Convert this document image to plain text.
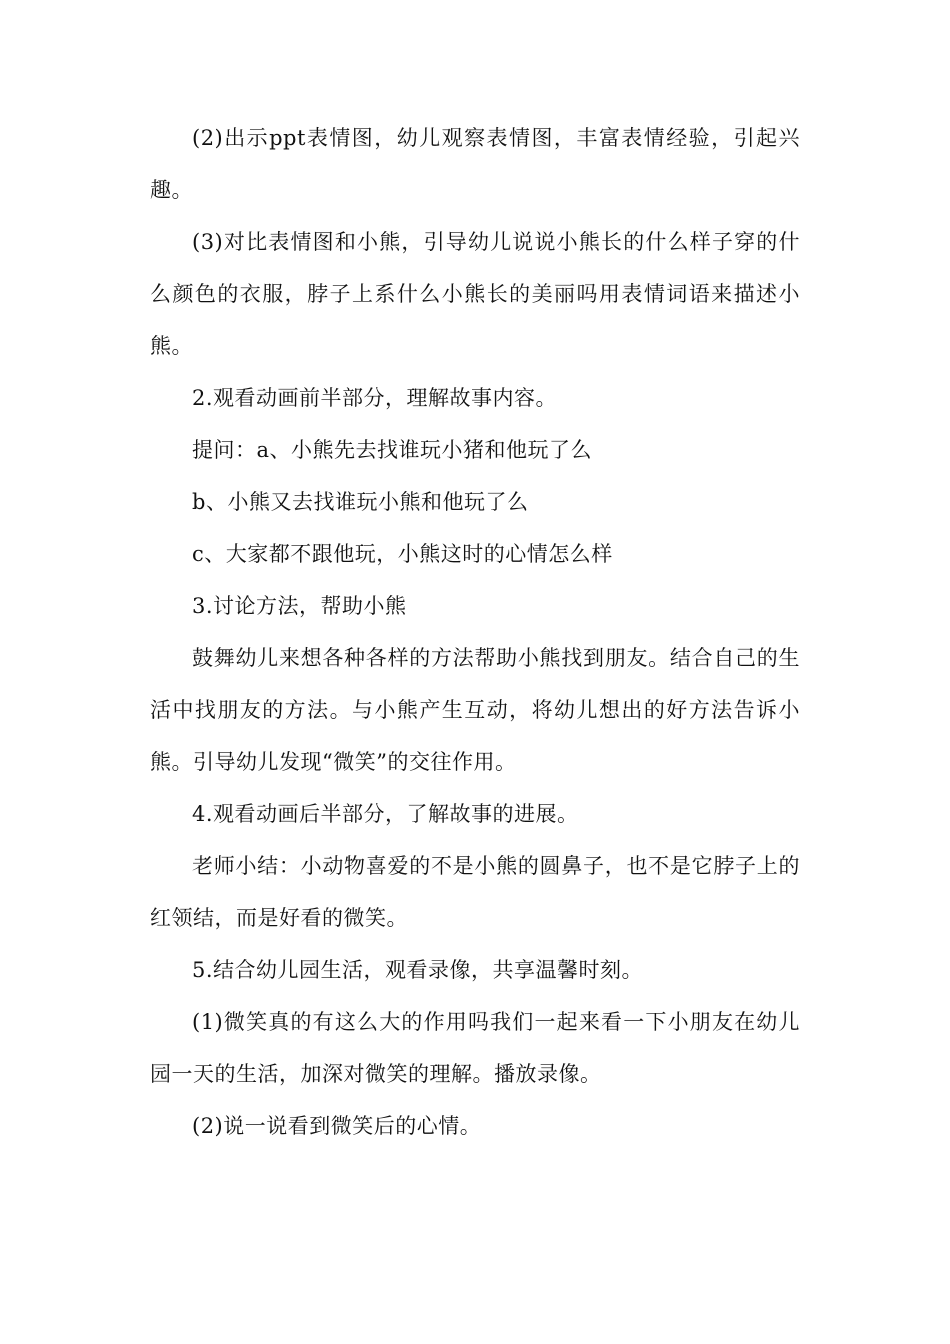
(2)出示ppt表情图，幼儿观察表情图，丰富表情经验，引起兴趣。

(3)对比表情图和小熊，引导幼儿说说小熊长的什么样子穿的什么颜色的衣服，脖子上系什么小熊长的美丽吗用表情词语来描述小熊。

2.观看动画前半部分，理解故事内容。

提问：a、小熊先去找谁玩小猪和他玩了么

b、小熊又去找谁玩小熊和他玩了么

c、大家都不跟他玩，小熊这时的心情怎么样

3.讨论方法，帮助小熊

鼓舞幼儿来想各种各样的方法帮助小熊找到朋友。结合自己的生活中找朋友的方法。与小熊产生互动，将幼儿想出的好方法告诉小熊。引导幼儿发现“微笑”的交往作用。

4.观看动画后半部分，了解故事的进展。

老师小结：小动物喜爱的不是小熊的圆鼻子，也不是它脖子上的红领结，而是好看的微笑。

5.结合幼儿园生活，观看录像，共享温馨时刻。

(1)微笑真的有这么大的作用吗我们一起来看一下小朋友在幼儿园一天的生活，加深对微笑的理解。播放录像。

(2)说一说看到微笑后的心情。
